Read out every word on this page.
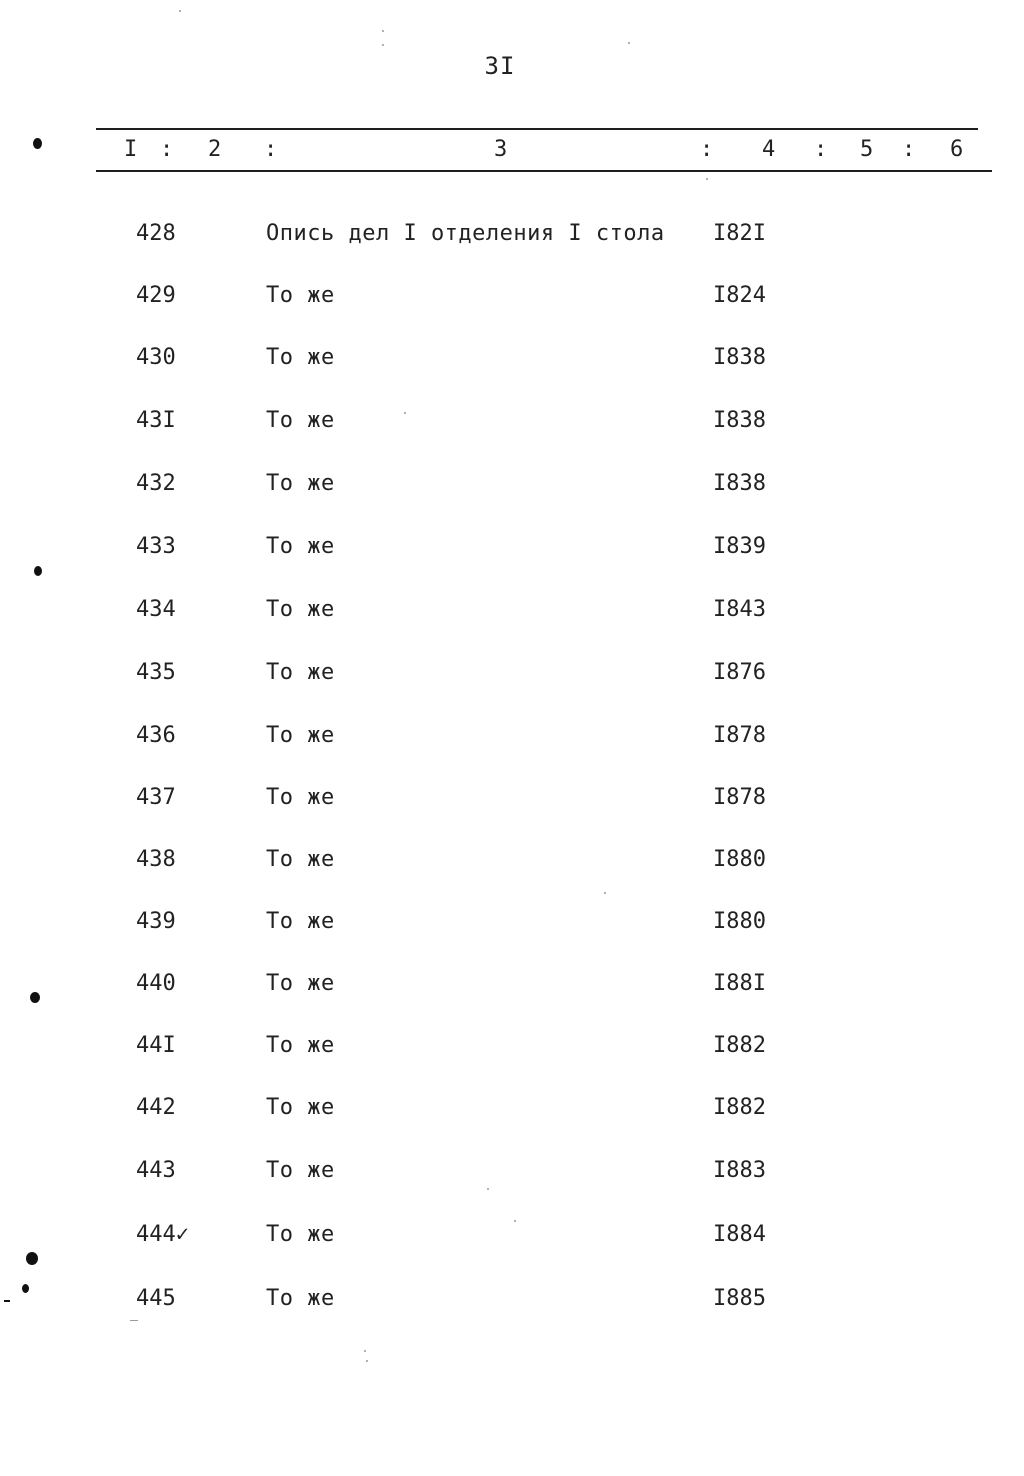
3I
I : 2 :	3	: 4 : 5 : 6
428	Опись дел I отделения I стола I82I
429	То же	I824
430	То же	I838
43I	То же	I838
432	То же	I838
433	То же	I839
434	То же	I843
435	То же	I876
436	То же	I878
437	То же	I878
438	То же	I880
439	То же	I880
440	То же	I88I
44I	То же	I882
442	То же	I882
443	То же	I883
444✓	То же	I884
445	То же	I885
